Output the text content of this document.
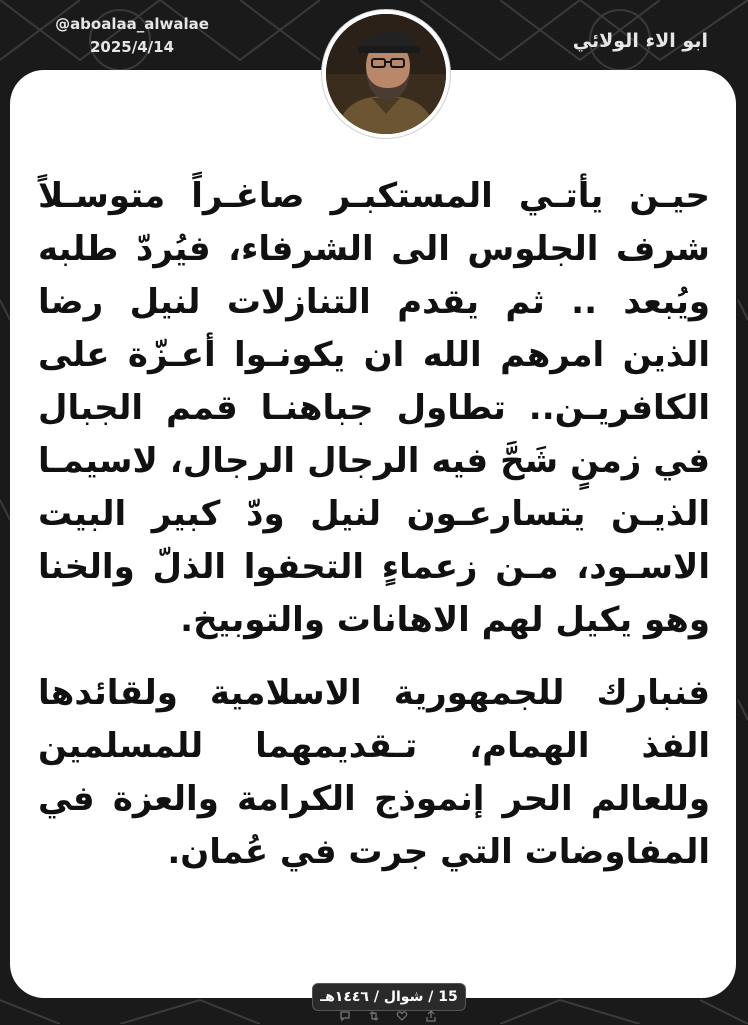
@aboalaa_alwalae
2025/4/14	ابو الاء الولائي

حيـن يأتـي المستكبـر صاغـراً متوسـلاً شرف الجلوس الى الشرفاء، فيُردّ طلبه ويُبعد .. ثم يقدم التنازلات لنيل رضا الذين امرهم الله ان يكونـوا أعـزّة على الكافريـن.. تطاول جباهنـا قمم الجبال في زمنٍ شَحَّ فيه الرجال الرجال، لاسيمـا الذيـن يتسارعـون لنيل ودّ كبير البيت الاسـود، مـن زعماءٍ التحفوا الذلّ والخنا وهو يكيل لهم الاهانات والتوبيخ.

فنبارك للجمهورية الاسلامية ولقائدها الفذ الهمام، تـقديمهما للمسلمين وللعالم الحر إنموذج الكرامة والعزة في المفاوضات التي جرت في عُمان.

15 / شوال / ١٤٤٦هـ
